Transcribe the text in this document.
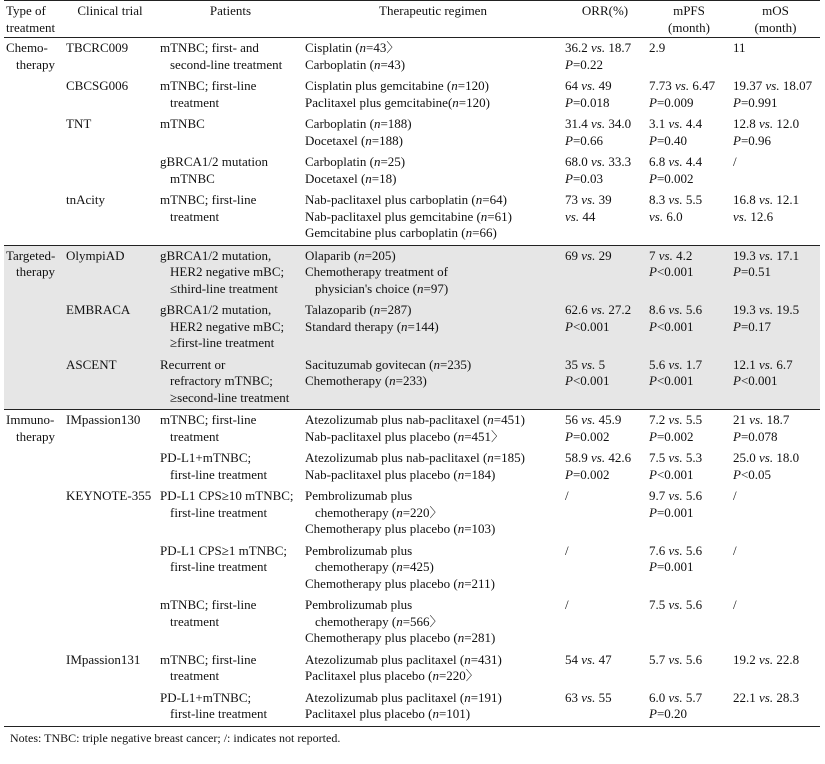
Type of
treatment	Clinical trial	Patients	Therapeutic regimen	ORR(%)	mPFS
(month)	mOS
(month)

Chemo-
therapy	TBCRC009	mTNBC; first- and
second-line treatment	Cisplatin (n=43〉
Carboplatin (n=43)	36.2 vs. 18.7
P=0.22	2.9	11

	CBCSG006	mTNBC; first-line
treatment	Cisplatin plus gemcitabine (n=120)
Paclitaxel plus gemcitabine(n=120)	64 vs. 49
P=0.018	7.73 vs. 6.47
P=0.009	19.37 vs. 18.07
P=0.991

	TNT	mTNBC	Carboplatin (n=188)
Docetaxel (n=188)	31.4 vs. 34.0
P=0.66	3.1 vs. 4.4
P=0.40	12.8 vs. 12.0
P=0.96

		gBRCA1/2 mutation
mTNBC	Carboplatin (n=25)
Docetaxel (n=18)	68.0 vs. 33.3
P=0.03	6.8 vs. 4.4
P=0.002	/

	tnAcity	mTNBC; first-line
treatment	Nab-paclitaxel plus carboplatin (n=64)
Nab-paclitaxel plus gemcitabine (n=61)
Gemcitabine plus carboplatin (n=66)	73 vs. 39
vs. 44	8.3 vs. 5.5
vs. 6.0	16.8 vs. 12.1
vs. 12.6

Targeted-
therapy	OlympiAD	gBRCA1/2 mutation,
HER2 negative mBC;
≤third-line treatment	Olaparib (n=205)
Chemotherapy treatment of
physician's choice (n=97)	69 vs. 29	7 vs. 4.2
P<0.001	19.3 vs. 17.1
P=0.51

	EMBRACA	gBRCA1/2 mutation,
HER2 negative mBC;
≥first-line treatment	Talazoparib (n=287)
Standard therapy (n=144)	62.6 vs. 27.2
P<0.001	8.6 vs. 5.6
P<0.001	19.3 vs. 19.5
P=0.17

	ASCENT	Recurrent or
refractory mTNBC;
≥second-line treatment	Sacituzumab govitecan (n=235)
Chemotherapy (n=233)	35 vs. 5
P<0.001	5.6 vs. 1.7
P<0.001	12.1 vs. 6.7
P<0.001

Immuno-
therapy	IMpassion130	mTNBC; first-line
treatment	Atezolizumab plus nab-paclitaxel (n=451)
Nab-paclitaxel plus placebo (n=451〉	56 vs. 45.9
P=0.002	7.2 vs. 5.5
P=0.002	21 vs. 18.7
P=0.078

		PD-L1+mTNBC;
first-line treatment	Atezolizumab plus nab-paclitaxel (n=185)
Nab-paclitaxel plus placebo (n=184)	58.9 vs. 42.6
P=0.002	7.5 vs. 5.3
P<0.001	25.0 vs. 18.0
P<0.05

	KEYNOTE-355	PD-L1 CPS≥10 mTNBC;
first-line treatment	Pembrolizumab plus
chemotherapy (n=220〉
Chemotherapy plus placebo (n=103)	/	9.7 vs. 5.6
P=0.001	/

		PD-L1 CPS≥1 mTNBC;
first-line treatment	Pembrolizumab plus
chemotherapy (n=425)
Chemotherapy plus placebo (n=211)	/	7.6 vs. 5.6
P=0.001	/

		mTNBC; first-line
treatment	Pembrolizumab plus
chemotherapy (n=566〉
Chemotherapy plus placebo (n=281)	/	7.5 vs. 5.6	/

	IMpassion131	mTNBC; first-line
treatment	Atezolizumab plus paclitaxel (n=431)
Paclitaxel plus placebo (n=220〉	54 vs. 47	5.7 vs. 5.6	19.2 vs. 22.8

		PD-L1+mTNBC;
first-line treatment	Atezolizumab plus paclitaxel (n=191)
Paclitaxel plus placebo (n=101)	63 vs. 55	6.0 vs. 5.7
P=0.20	22.1 vs. 28.3
Notes: TNBC: triple negative breast cancer; /: indicates not reported.
